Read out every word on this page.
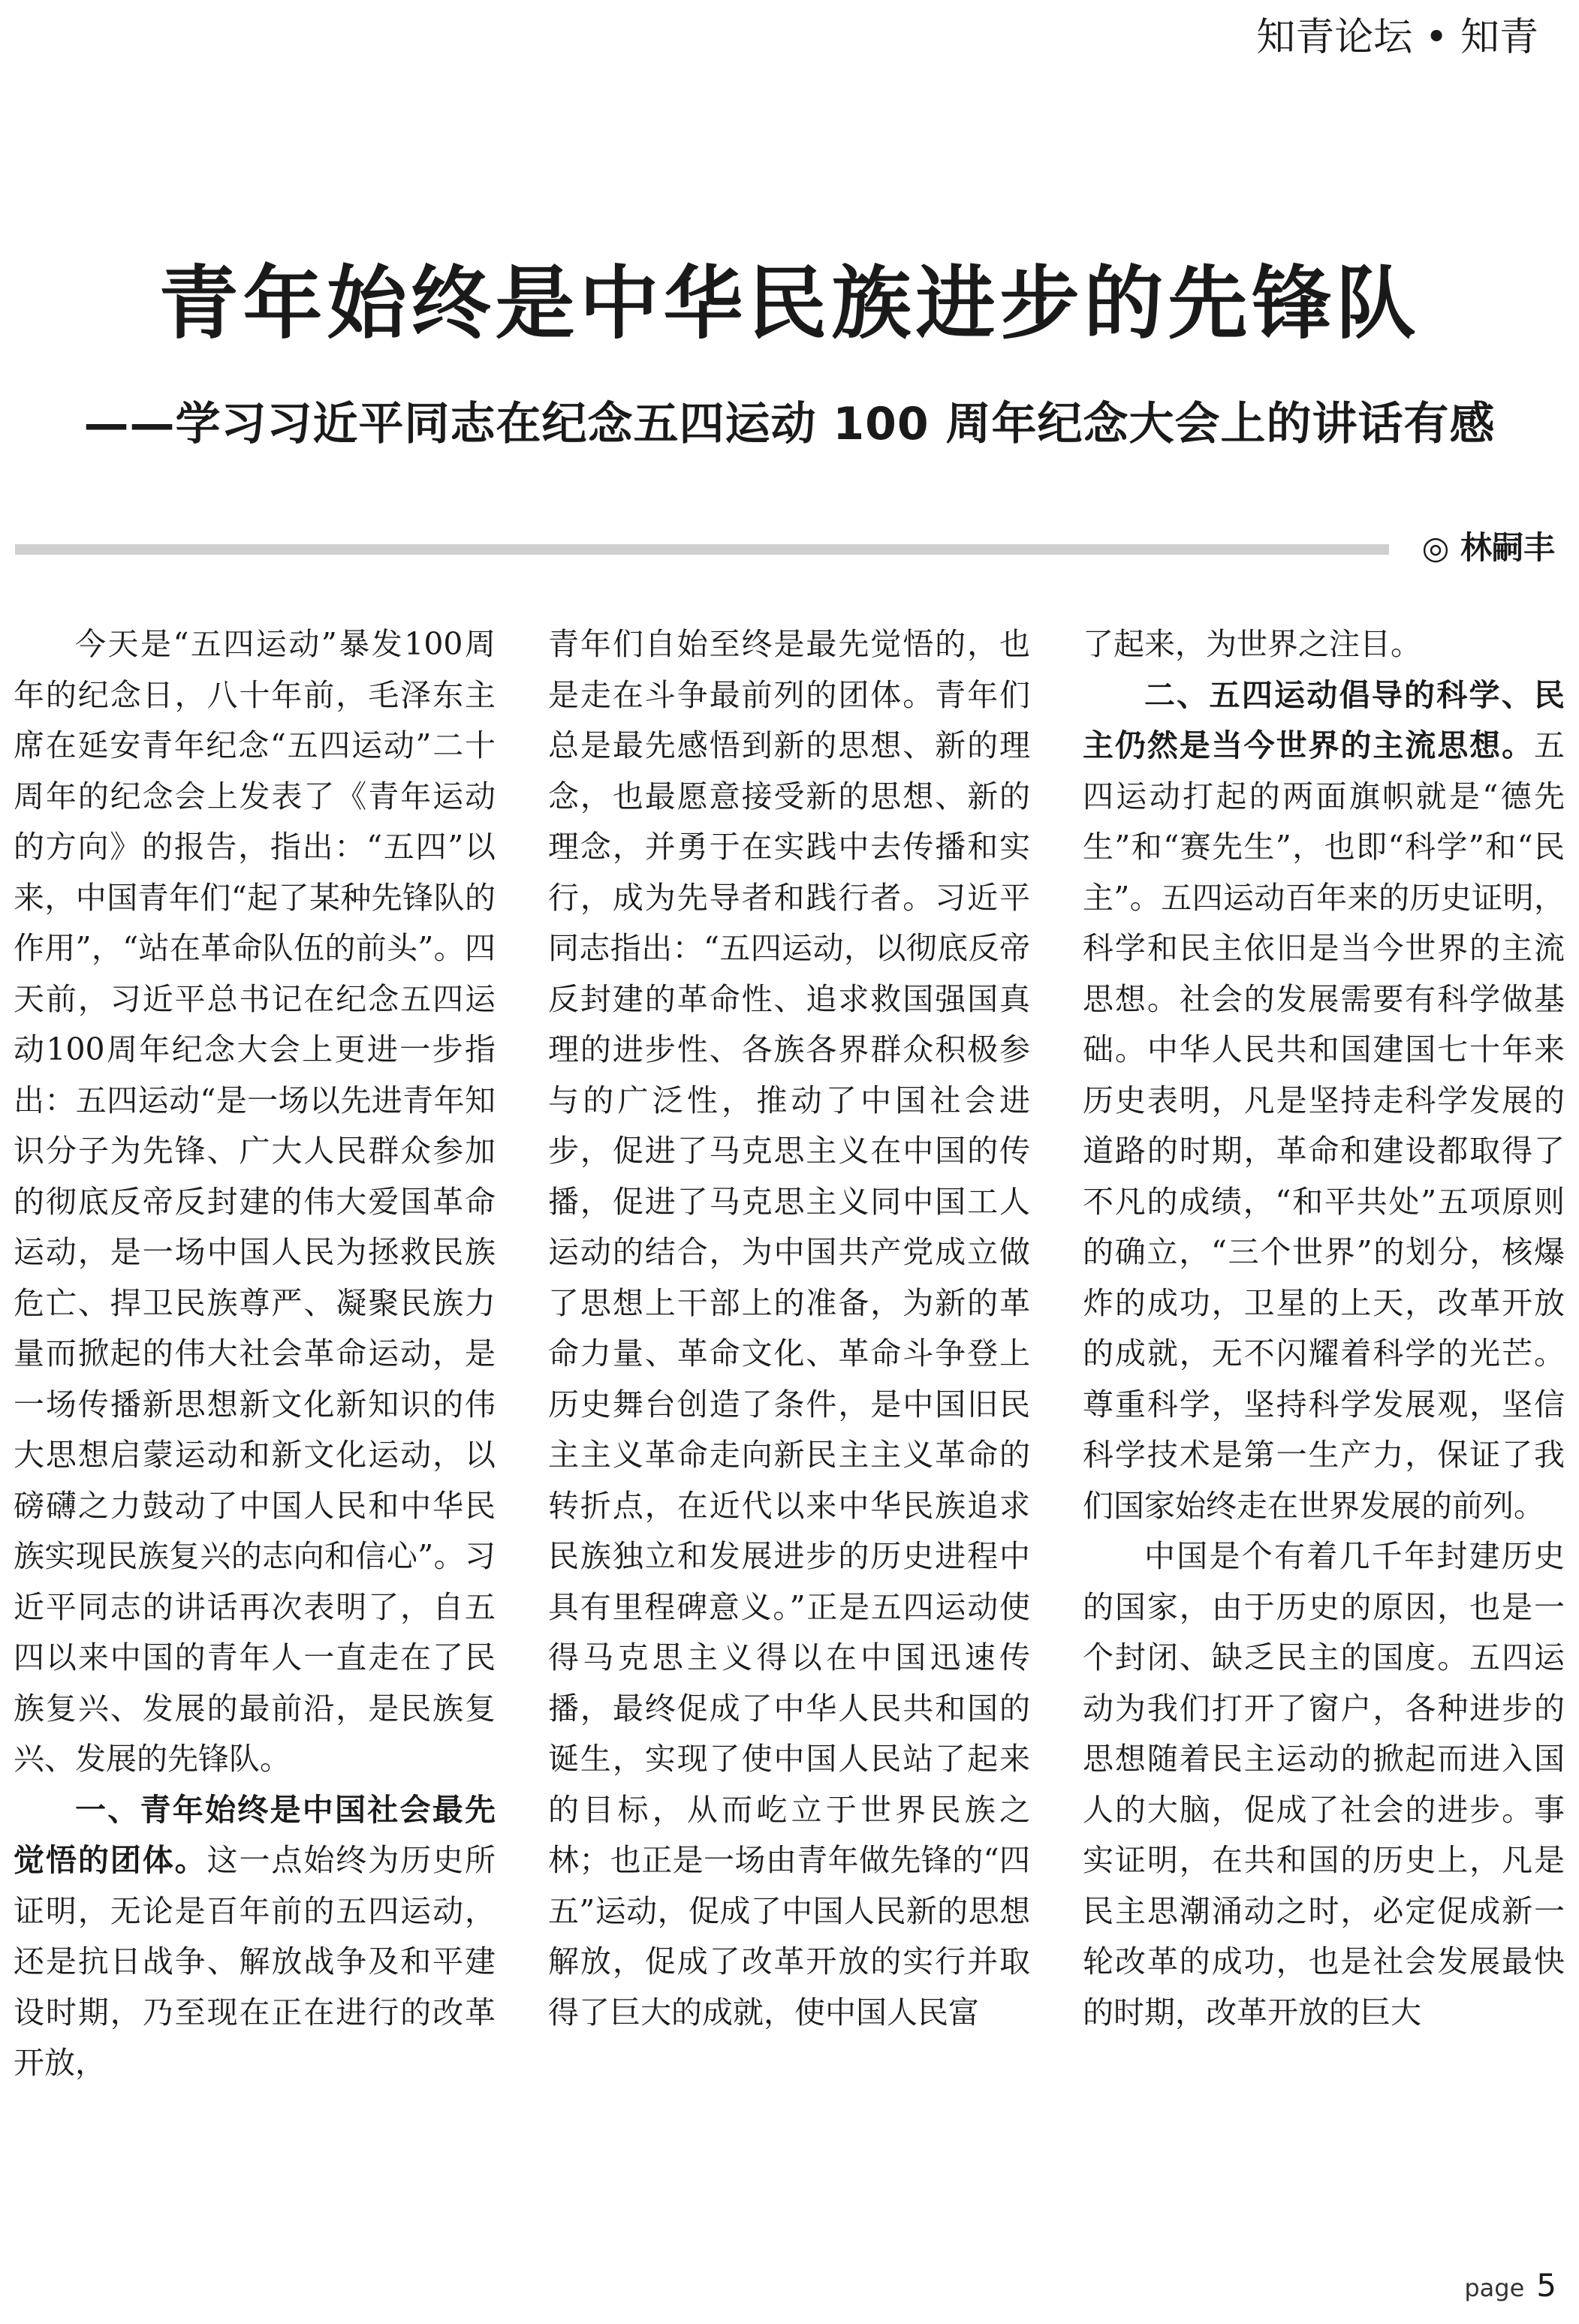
知青论坛 • 知青
青年始终是中华民族进步的先锋队
——学习习近平同志在纪念五四运动 100 周年纪念大会上的讲话有感
◎ 林嗣丰

今天是“五四运动”暴发100周年的纪念日，八十年前，毛泽东主席在延安青年纪念“五四运动”二十周年的纪念会上发表了《青年运动的方向》的报告，指出：“五四”以来，中国青年们“起了某种先锋队的作用”，“站在革命队伍的前头”。四天前，习近平总书记在纪念五四运动100周年纪念大会上更进一步指出：五四运动“是一场以先进青年知识分子为先锋、广大人民群众参加的彻底反帝反封建的伟大爱国革命运动，是一场中国人民为拯救民族危亡、捍卫民族尊严、凝聚民族力量而掀起的伟大社会革命运动，是一场传播新思想新文化新知识的伟大思想启蒙运动和新文化运动，以磅礴之力鼓动了中国人民和中华民族实现民族复兴的志向和信心”。习近平同志的讲话再次表明了，自五四以来中国的青年人一直走在了民族复兴、发展的最前沿，是民族复兴、发展的先锋队。

一、青年始终是中国社会最先觉悟的团体。这一点始终为历史所证明，无论是百年前的五四运动，还是抗日战争、解放战争及和平建设时期，乃至现在正在进行的改革开放，

青年们自始至终是最先觉悟的，也是走在斗争最前列的团体。青年们总是最先感悟到新的思想、新的理念，也最愿意接受新的思想、新的理念，并勇于在实践中去传播和实行，成为先导者和践行者。习近平同志指出：“五四运动，以彻底反帝反封建的革命性、追求救国强国真理的进步性、各族各界群众积极参与的广泛性，推动了中国社会进步，促进了马克思主义在中国的传播，促进了马克思主义同中国工人运动的结合，为中国共产党成立做了思想上干部上的准备，为新的革命力量、革命文化、革命斗争登上历史舞台创造了条件，是中国旧民主主义革命走向新民主主义革命的转折点，在近代以来中华民族追求民族独立和发展进步的历史进程中具有里程碑意义。”正是五四运动使得马克思主义得以在中国迅速传播，最终促成了中华人民共和国的诞生，实现了使中国人民站了起来的目标，从而屹立于世界民族之林；也正是一场由青年做先锋的“四五”运动，促成了中国人民新的思想解放，促成了改革开放的实行并取得了巨大的成就，使中国人民富

了起来，为世界之注目。

二、五四运动倡导的科学、民主仍然是当今世界的主流思想。五四运动打起的两面旗帜就是“德先生”和“赛先生”，也即“科学”和“民主”。五四运动百年来的历史证明，科学和民主依旧是当今世界的主流思想。社会的发展需要有科学做基础。中华人民共和国建国七十年来历史表明，凡是坚持走科学发展的道路的时期，革命和建设都取得了不凡的成绩，“和平共处”五项原则的确立，“三个世界”的划分，核爆炸的成功，卫星的上天，改革开放的成就，无不闪耀着科学的光芒。尊重科学，坚持科学发展观，坚信科学技术是第一生产力，保证了我们国家始终走在世界发展的前列。

中国是个有着几千年封建历史的国家，由于历史的原因，也是一个封闭、缺乏民主的国度。五四运动为我们打开了窗户，各种进步的思想随着民主运动的掀起而进入国人的大脑，促成了社会的进步。事实证明，在共和国的历史上，凡是民主思潮涌动之时，必定促成新一轮改革的成功，也是社会发展最快的时期，改革开放的巨大

page 5
